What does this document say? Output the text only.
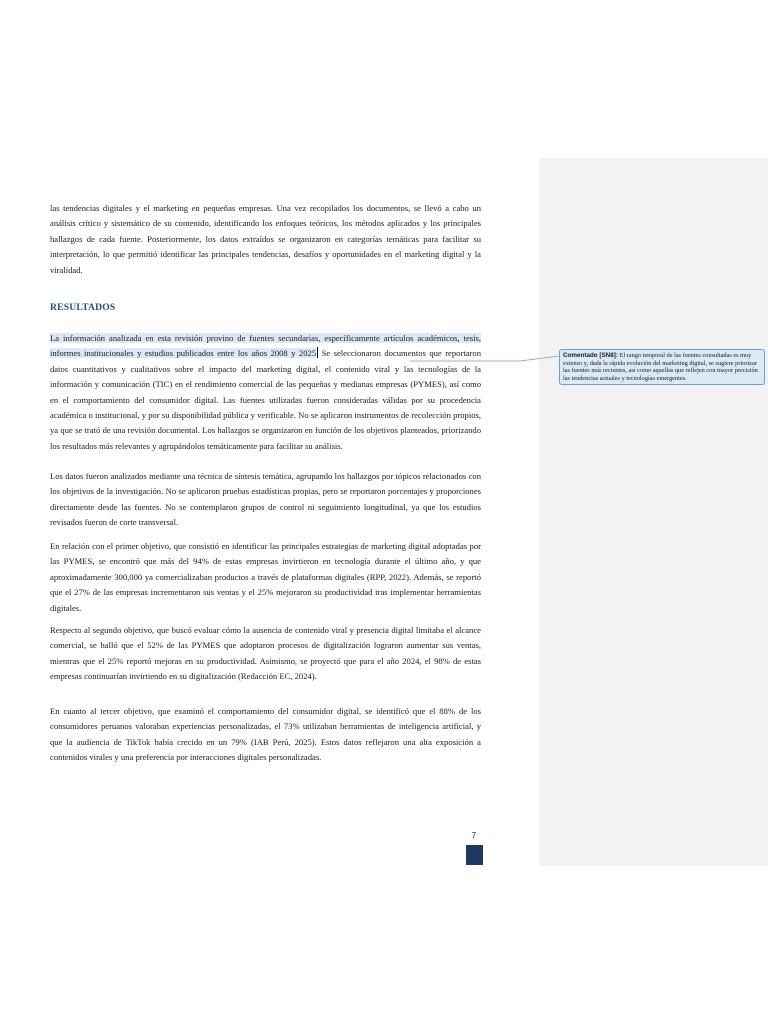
las tendencias digitales y el marketing en pequeñas empresas. Una vez recopilados los documentos, se llevó a cabo un análisis crítico y sistemático de su contenido, identificando los enfoques teóricos, los métodos aplicados y los principales hallazgos de cada fuente. Posteriormente, los datos extraídos se organizaron en categorías temáticas para facilitar su interpretación, lo que permitió identificar las principales tendencias, desafíos y oportunidades en el marketing digital y la viralidad.

RESULTADOS

La información analizada en esta revisión provino de fuentes secundarias, específicamente artículos académicos, tesis, informes institucionales y estudios publicados entre los años 2008 y 2025 Se seleccionaron documentos que reportaron datos cuantitativos y cualitativos sobre el impacto del marketing digital, el contenido viral y las tecnologías de la información y comunicación (TIC) en el rendimiento comercial de las pequeñas y medianas empresas (PYMES), así como en el comportamiento del consumidor digital. Las fuentes utilizadas fueron consideradas válidas por su procedencia académica o institucional, y por su disponibilidad pública y verificable. No se aplicaron instrumentos de recolección propios, ya que se trató de una revisión documental. Los hallazgos se organizaron en función de los objetivos planteados, priorizando los resultados más relevantes y agrupándolos temáticamente para facilitar su análisis.

Los datos fueron analizados mediante una técnica de síntesis temática, agrupando los hallazgos por tópicos relacionados con los objetivos de la investigación. No se aplicaron pruebas estadísticas propias, pero se reportaron porcentajes y proporciones directamente desde las fuentes. No se contemplaron grupos de control ni seguimiento longitudinal, ya que los estudios revisados fueron de corte transversal.

En relación con el primer objetivo, que consistió en identificar las principales estrategias de marketing digital adoptadas por las PYMES, se encontró que más del 94% de estas empresas invirtieron en tecnología durante el último año, y que aproximadamente 300,000 ya comercializaban productos a través de plataformas digitales (RPP, 2022). Además, se reportó que el 27% de las empresas incrementaron sus ventas y el 25% mejoraron su productividad tras implementar herramientas digitales.

Respecto al segundo objetivo, que buscó evaluar cómo la ausencia de contenido viral y presencia digital limitaba el alcance comercial, se halló que el 52% de las PYMES que adoptaron procesos de digitalización lograron aumentar sus ventas, mientras que el 25% reportó mejoras en su productividad. Asimismo, se proyectó que para el año 2024, el 98% de estas empresas continuarían invirtiendo en su digitalización (Redacción EC, 2024).

En cuanto al tercer objetivo, que examinó el comportamiento del consumidor digital, se identificó que el 88% de los consumidores peruanos valoraban experiencias personalizadas, el 73% utilizaban herramientas de inteligencia artificial, y que la audiencia de TikTok había crecido en un 79% (IAB Perú, 2025). Estos datos reflejaron una alta exposición a contenidos virales y una preferencia por interacciones digitales personalizadas.

Comentado [SN8]: El rango temporal de las fuentes consultadas es muy extenso y, dada la rápida evolución del marketing digital, se sugiere priorizar las fuentes más recientes, así como aquellas que reflejen con mayor precisión las tendencias actuales y tecnologías emergentes.
7
